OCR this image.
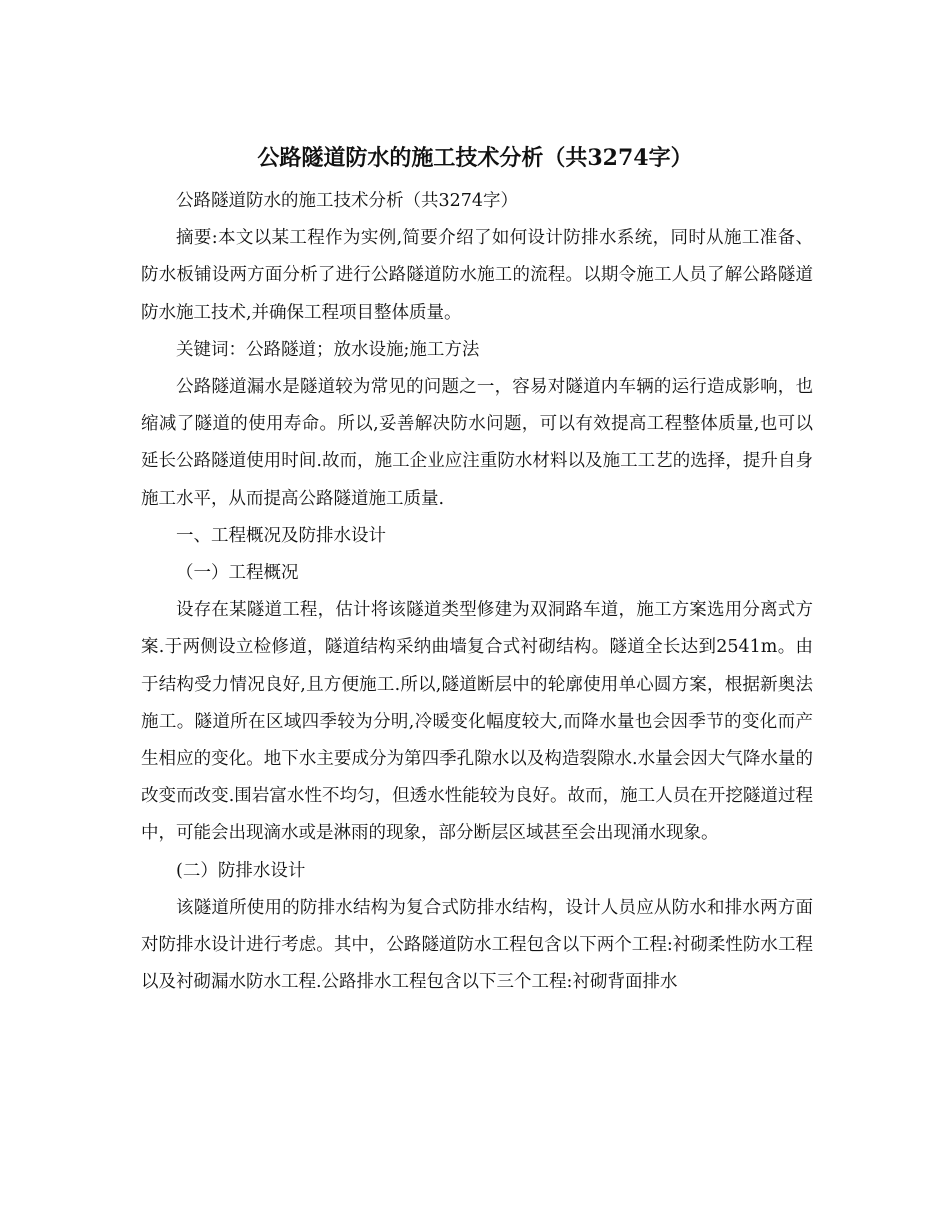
公路隧道防水的施工技术分析（共3274字）

公路隧道防水的施工技术分析（共3274字）

摘要:本文以某工程作为实例,简要介绍了如何设计防排水系统，同时从施工准备、防水板铺设两方面分析了进行公路隧道防水施工的流程。以期令施工人员了解公路隧道防水施工技术,并确保工程项目整体质量。

关键词：公路隧道；放水设施;施工方法

公路隧道漏水是隧道较为常见的问题之一，容易对隧道内车辆的运行造成影响，也缩减了隧道的使用寿命。所以,妥善解决防水问题，可以有效提高工程整体质量,也可以延长公路隧道使用时间.故而，施工企业应注重防水材料以及施工工艺的选择，提升自身施工水平，从而提高公路隧道施工质量.

一、工程概况及防排水设计

（一）工程概况

设存在某隧道工程，估计将该隧道类型修建为双洞路车道，施工方案选用分离式方案.于两侧设立检修道，隧道结构采纳曲墙复合式衬砌结构。隧道全长达到2541m。由于结构受力情况良好,且方便施工.所以,隧道断层中的轮廓使用单心圆方案，根据新奥法施工。隧道所在区域四季较为分明,冷暖变化幅度较大,而降水量也会因季节的变化而产生相应的变化。地下水主要成分为第四季孔隙水以及构造裂隙水.水量会因大气降水量的改变而改变.围岩富水性不均匀，但透水性能较为良好。故而，施工人员在开挖隧道过程中，可能会出现滴水或是淋雨的现象，部分断层区域甚至会出现涌水现象。

(二）防排水设计

该隧道所使用的防排水结构为复合式防排水结构，设计人员应从防水和排水两方面对防排水设计进行考虑。其中，公路隧道防水工程包含以下两个工程:衬砌柔性防水工程以及衬砌漏水防水工程.公路排水工程包含以下三个工程:衬砌背面排水
